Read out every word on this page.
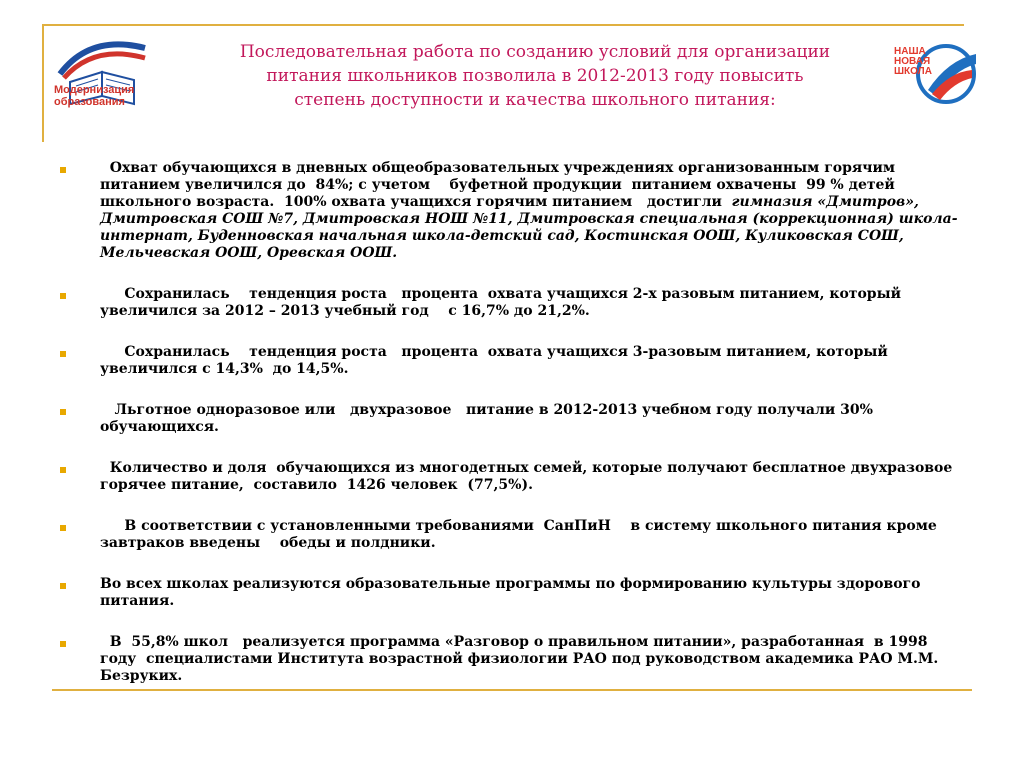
Модернизация
образования
НАША
НОВАЯ
ШКОЛА
Последовательная работа по созданию условий для организации
питания школьников позволила в 2012-2013 году повысить
степень доступности и качества школьного питания:
Охват обучающихся в дневных общеобразовательных учреждениях организованным горячим питанием увеличился до  84%; с учетом    буфетной продукции  питанием охвачены  99 % детей школьного возраста.  100% охвата учащихся горячим питанием   достигли  гимназия «Дмитров», Дмитровская СОШ №7, Дмитровская НОШ №11, Дмитровская специальная (коррекционная) школа-интернат, Буденновская начальная школа-детский сад, Костинская ООШ, Куликовская СОШ, Мельчевская ООШ, Оревская ООШ.
Сохранилась    тенденция роста   процента  охвата учащихся 2-х разовым питанием, который увеличился за 2012 – 2013 учебный год    с 16,7% до 21,2%.
Сохранилась    тенденция роста   процента  охвата учащихся 3-разовым питанием, который увеличился с 14,3%  до 14,5%.
Льготное одноразовое или   двухразовое   питание в 2012-2013 учебном году получали 30% обучающихся.
Количество и доля  обучающихся из многодетных семей, которые получают бесплатное двухразовое горячее питание,  составило  1426 человек  (77,5%).
В соответствии с установленными требованиями  СанПиН    в систему школьного питания кроме завтраков введены    обеды и полдники.
Во всех школах реализуются образовательные программы по формированию культуры здорового питания.
В  55,8% школ   реализуется программа «Разговор о правильном питании», разработанная  в 1998 году  специалистами Института возрастной физиологии РАО под руководством академика РАО М.М. Безруких.
